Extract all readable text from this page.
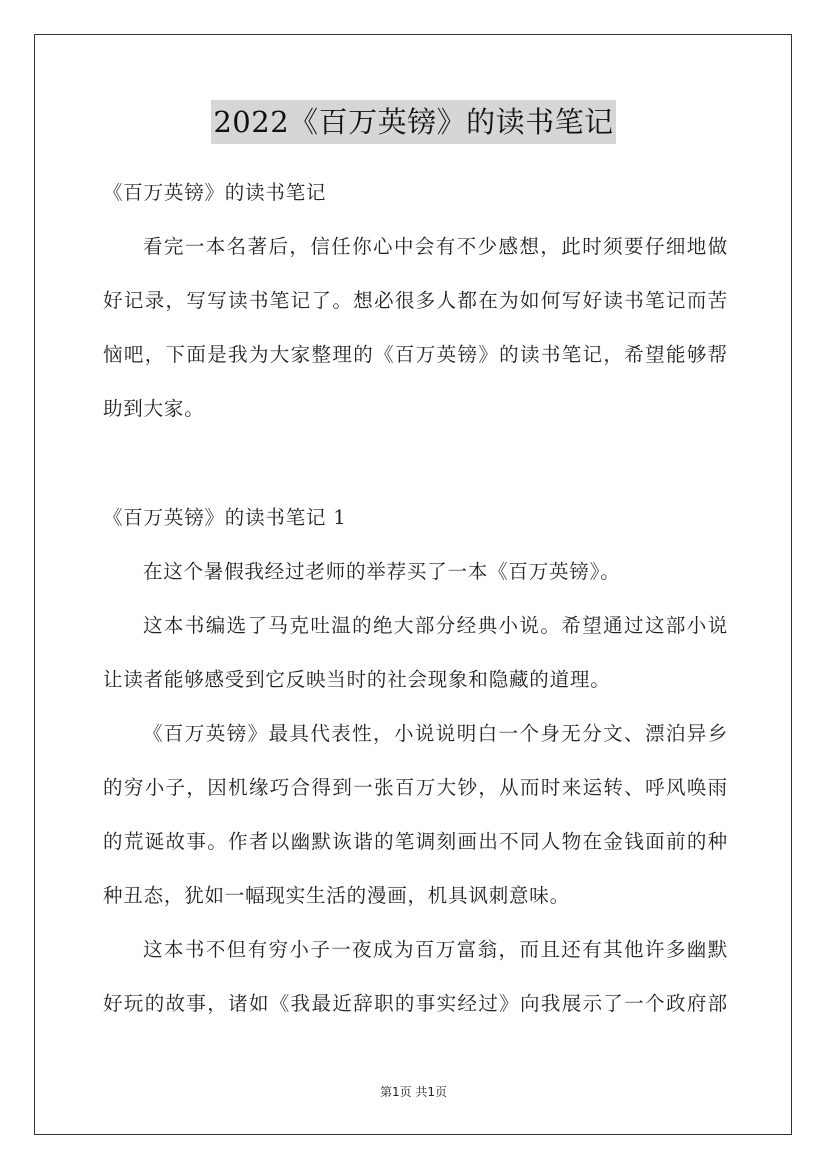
2022《百万英镑》的读书笔记
《百万英镑》的读书笔记
看完一本名著后，信任你心中会有不少感想，此时须要仔细地做
好记录，写写读书笔记了。想必很多人都在为如何写好读书笔记而苦
恼吧，下面是我为大家整理的《百万英镑》的读书笔记，希望能够帮
助到大家。
《百万英镑》的读书笔记 1
在这个暑假我经过老师的举荐买了一本《百万英镑》。
这本书编选了马克吐温的绝大部分经典小说。希望通过这部小说
让读者能够感受到它反映当时的社会现象和隐藏的道理。
《百万英镑》最具代表性，小说说明白一个身无分文、漂泊异乡
的穷小子，因机缘巧合得到一张百万大钞，从而时来运转、呼风唤雨
的荒诞故事。作者以幽默诙谐的笔调刻画出不同人物在金钱面前的种
种丑态，犹如一幅现实生活的漫画，机具讽刺意味。
这本书不但有穷小子一夜成为百万富翁，而且还有其他许多幽默
好玩的故事，诸如《我最近辞职的事实经过》向我展示了一个政府部
第1页 共1页
